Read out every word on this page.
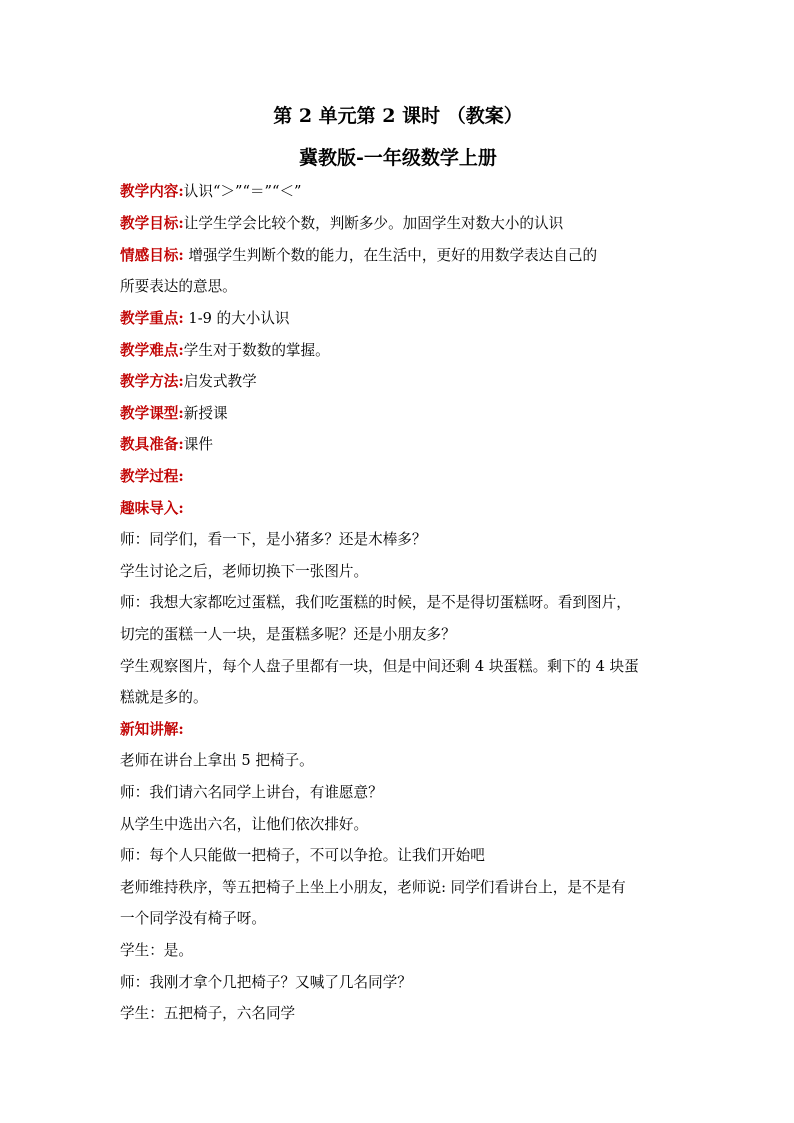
第 2 单元第 2 课时 （教案）
冀教版-一年级数学上册
教学内容:认识“＞”“＝”“＜”
教学目标:让学生学会比较个数，判断多少。加固学生对数大小的认识
情感目标: 增强学生判断个数的能力，在生活中，更好的用数学表达自己的
所要表达的意思。
教学重点: 1-9 的大小认识
教学难点:学生对于数数的掌握。
教学方法:启发式教学
教学课型:新授课
教具准备:课件
教学过程:
趣味导入:
师：同学们，看一下，是小猪多？还是木棒多？
学生讨论之后，老师切换下一张图片。
师：我想大家都吃过蛋糕，我们吃蛋糕的时候，是不是得切蛋糕呀。看到图片，
切完的蛋糕一人一块，是蛋糕多呢？还是小朋友多？
学生观察图片，每个人盘子里都有一块，但是中间还剩 4 块蛋糕。剩下的 4 块蛋
糕就是多的。
新知讲解:
老师在讲台上拿出 5 把椅子。
师：我们请六名同学上讲台，有谁愿意？
从学生中选出六名，让他们依次排好。
师：每个人只能做一把椅子，不可以争抢。让我们开始吧
老师维持秩序，等五把椅子上坐上小朋友，老师说: 同学们看讲台上，是不是有
一个同学没有椅子呀。
学生：是。
师：我刚才拿个几把椅子？又喊了几名同学？
学生：五把椅子，六名同学
